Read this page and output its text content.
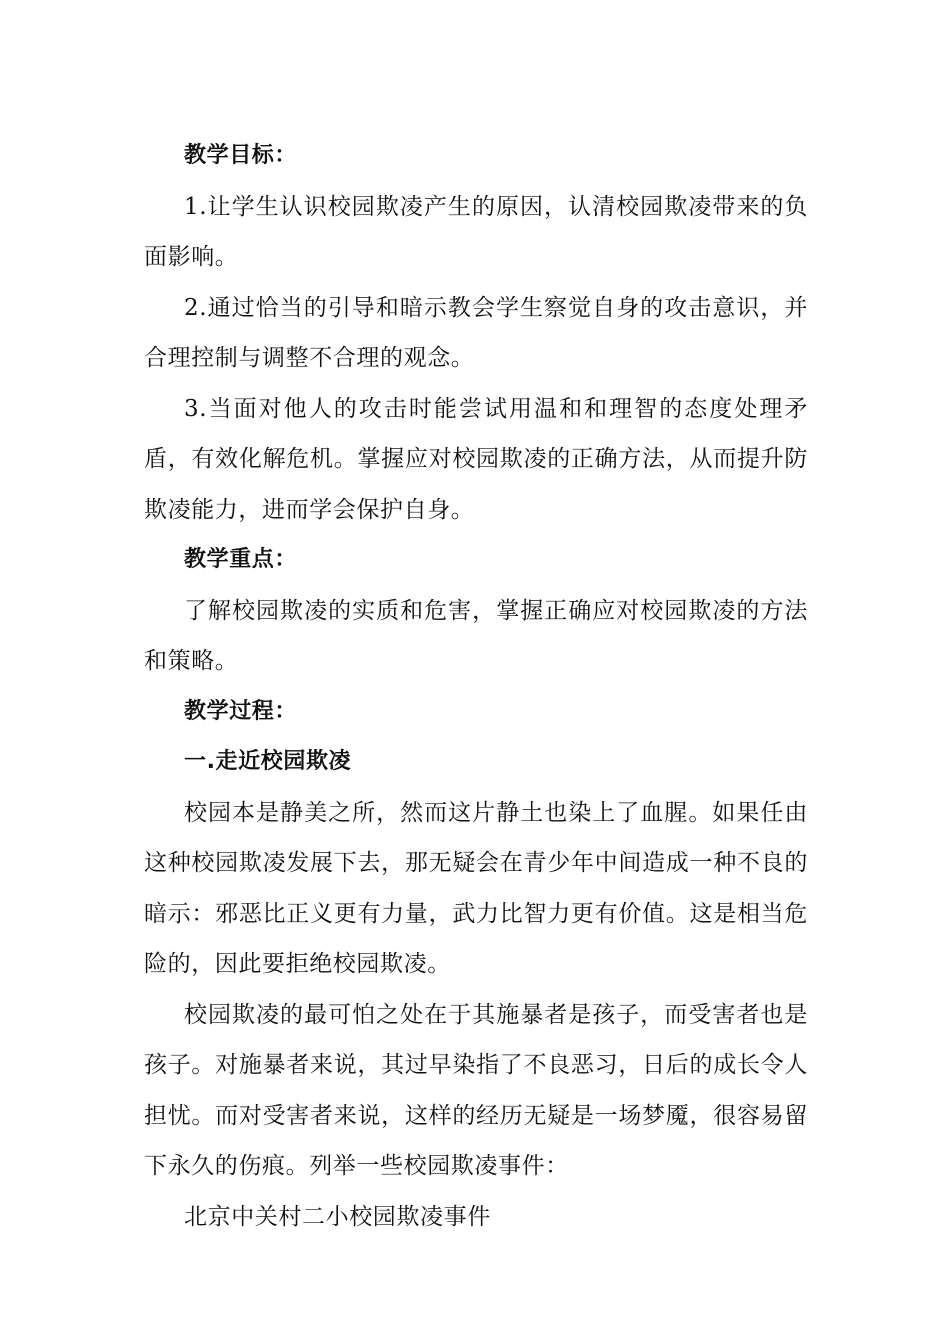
教学目标：

1.让学生认识校园欺凌产生的原因，认清校园欺凌带来的负面影响。

2.通过恰当的引导和暗示教会学生察觉自身的攻击意识，并合理控制与调整不合理的观念。

3.当面对他人的攻击时能尝试用温和和理智的态度处理矛盾，有效化解危机。掌握应对校园欺凌的正确方法，从而提升防欺凌能力，进而学会保护自身。

教学重点：

了解校园欺凌的实质和危害，掌握正确应对校园欺凌的方法和策略。

教学过程：

一.走近校园欺凌

校园本是静美之所，然而这片静土也染上了血腥。如果任由这种校园欺凌发展下去，那无疑会在青少年中间造成一种不良的暗示：邪恶比正义更有力量，武力比智力更有价值。这是相当危险的，因此要拒绝校园欺凌。

校园欺凌的最可怕之处在于其施暴者是孩子，而受害者也是孩子。对施暴者来说，其过早染指了不良恶习，日后的成长令人担忧。而对受害者来说，这样的经历无疑是一场梦魇，很容易留下永久的伤痕。列举一些校园欺凌事件：

北京中关村二小校园欺凌事件
